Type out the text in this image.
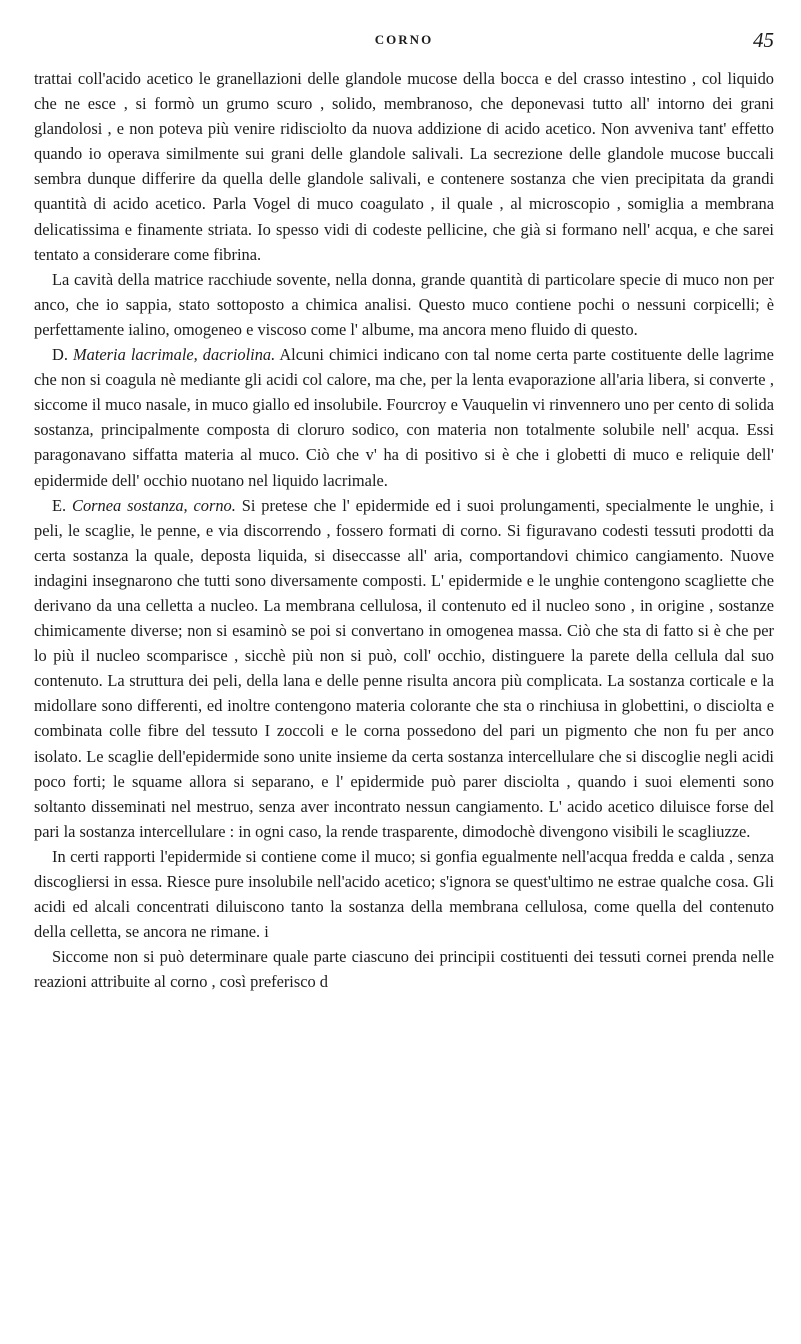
CORNO	45

trattai coll'acido acetico le granellazioni delle glandole mucose della bocca e del crasso intestino , col liquido che ne esce , si formò un grumo scuro , solido, membranoso, che deponevasi tutto all' intorno dei grani glandolosi , e non poteva più venire ridisciolto da nuova addizione di acido acetico. Non avveniva tant' effetto quando io operava similmente sui grani delle glandole salivali. La secrezione delle glandole mucose buccali sembra dunque differire da quella delle glandole salivali, e contenere sostanza che vien precipitata da grandi quantità di acido acetico. Parla Vogel di muco coagulato , il quale , al microscopio , somiglia a membrana delicatissima e finamente striata. Io spesso vidi di codeste pellicine, che già si formano nell' acqua, e che sarei tentato a considerare come fibrina.

La cavità della matrice racchiude sovente, nella donna, grande quantità di particolare specie di muco non per anco, che io sappia, stato sottoposto a chimica analisi. Questo muco contiene pochi o nessuni corpicelli; è perfettamente ialino, omogeneo e viscoso come l' albume, ma ancora meno fluido di questo.

D. Materia lacrimale, dacriolina. Alcuni chimici indicano con tal nome certa parte costituente delle lagrime che non si coagula nè mediante gli acidi col calore, ma che, per la lenta evaporazione all'aria libera, si converte , siccome il muco nasale, in muco giallo ed insolubile. Fourcroy e Vauquelin vi rinvennero uno per cento di solida sostanza, principalmente composta di cloruro sodico, con materia non totalmente solubile nell' acqua. Essi paragonavano siffatta materia al muco. Ciò che v' ha di positivo si è che i globetti di muco e reliquie dell' epidermide dell' occhio nuotano nel liquido lacrimale.

E. Cornea sostanza, corno. Si pretese che l' epidermide ed i suoi prolungamenti, specialmente le unghie, i peli, le scaglie, le penne, e via discorrendo , fossero formati di corno. Si figuravano codesti tessuti prodotti da certa sostanza la quale, deposta liquida, si diseccasse all' aria, comportandovi chimico cangiamento. Nuove indagini insegnarono che tutti sono diversamente composti. L' epidermide e le unghie contengono scagliette che derivano da una celletta a nucleo. La membrana cellulosa, il contenuto ed il nucleo sono , in origine , sostanze chimicamente diverse; non si esaminò se poi si convertano in omogenea massa. Ciò che sta di fatto si è che per lo più il nucleo scomparisce , sicchè più non si può, coll' occhio, distinguere la parete della cellula dal suo contenuto. La struttura dei peli, della lana e delle penne risulta ancora più complicata. La sostanza corticale e la midollare sono differenti, ed inoltre contengono materia colorante che sta o rinchiusa in globettini, o disciolta e combinata colle fibre del tessuto I zoccoli e le corna possedono del pari un pigmento che non fu per anco isolato. Le scaglie dell'epidermide sono unite insieme da certa sostanza intercellulare che si discoglie negli acidi poco forti; le squame allora si separano, e l' epidermide può parer disciolta , quando i suoi elementi sono soltanto disseminati nel mestruo, senza aver incontrato nessun cangiamento. L' acido acetico diluisce forse del pari la sostanza intercellulare : in ogni caso, la rende trasparente, dimodochè divengono visibili le scagliuzze.

In certi rapporti l'epidermide si contiene come il muco; si gonfia egualmente nell'acqua fredda e calda , senza discogliersi in essa. Riesce pure insolubile nell'acido acetico; s'ignora se quest'ultimo ne estrae qualche cosa. Gli acidi ed alcali concentrati diluiscono tanto la sostanza della membrana cellulosa, come quella del contenuto della celletta, se ancora ne rimane. i

Siccome non si può determinare quale parte ciascuno dei principii costituenti dei tessuti cornei prenda nelle reazioni attribuite al corno , così preferisco d
